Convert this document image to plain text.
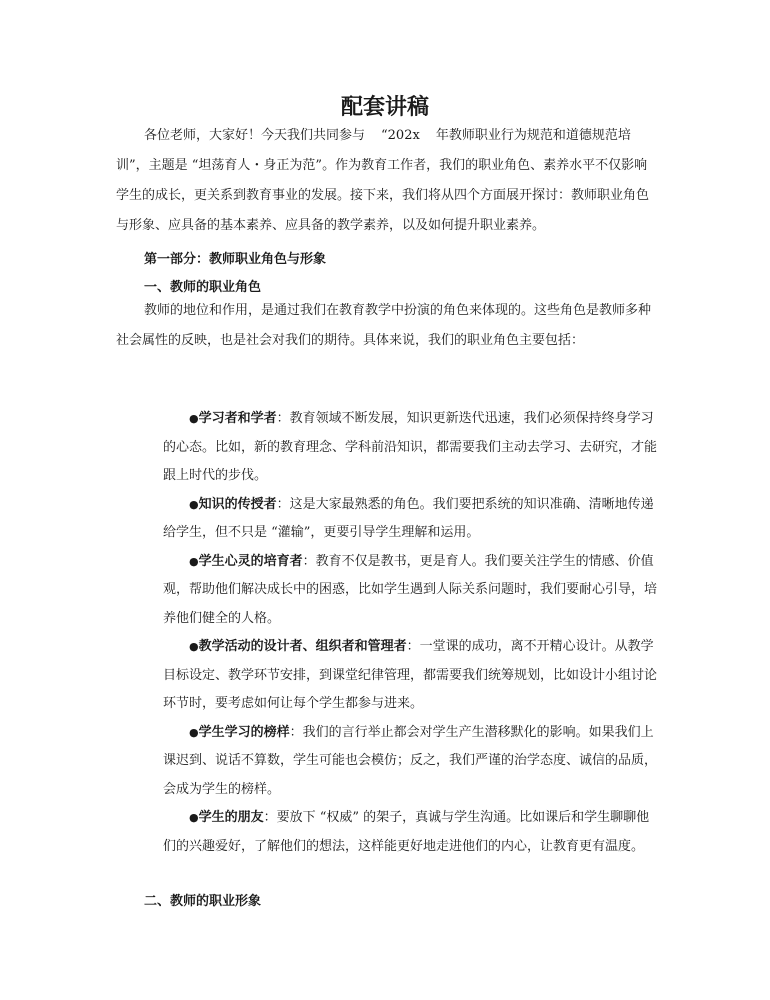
配套讲稿

各位老师，大家好！今天我们共同参与 “202x 年教师职业行为规范和道德规范培训”，主题是 “坦荡育人・身正为范”。作为教育工作者，我们的职业角色、素养水平不仅影响学生的成长，更关系到教育事业的发展。接下来，我们将从四个方面展开探讨：教师职业角色与形象、应具备的基本素养、应具备的教学素养，以及如何提升职业素养。

第一部分：教师职业角色与形象

一、教师的职业角色

教师的地位和作用，是通过我们在教育教学中扮演的角色来体现的。这些角色是教师多种社会属性的反映，也是社会对我们的期待。具体来说，我们的职业角色主要包括：

●学习者和学者：教育领域不断发展，知识更新迭代迅速，我们必须保持终身学习的心态。比如，新的教育理念、学科前沿知识，都需要我们主动去学习、去研究，才能跟上时代的步伐。
●知识的传授者：这是大家最熟悉的角色。我们要把系统的知识准确、清晰地传递给学生，但不只是 “灌输”，更要引导学生理解和运用。
●学生心灵的培育者：教育不仅是教书，更是育人。我们要关注学生的情感、价值观，帮助他们解决成长中的困惑，比如学生遇到人际关系问题时，我们要耐心引导，培养他们健全的人格。
●教学活动的设计者、组织者和管理者：一堂课的成功，离不开精心设计。从教学目标设定、教学环节安排，到课堂纪律管理，都需要我们统筹规划，比如设计小组讨论环节时，要考虑如何让每个学生都参与进来。
●学生学习的榜样：我们的言行举止都会对学生产生潜移默化的影响。如果我们上课迟到、说话不算数，学生可能也会模仿；反之，我们严谨的治学态度、诚信的品质，会成为学生的榜样。
●学生的朋友：要放下 “权威” 的架子，真诚与学生沟通。比如课后和学生聊聊他们的兴趣爱好，了解他们的想法，这样能更好地走进他们的内心，让教育更有温度。

二、教师的职业形象
